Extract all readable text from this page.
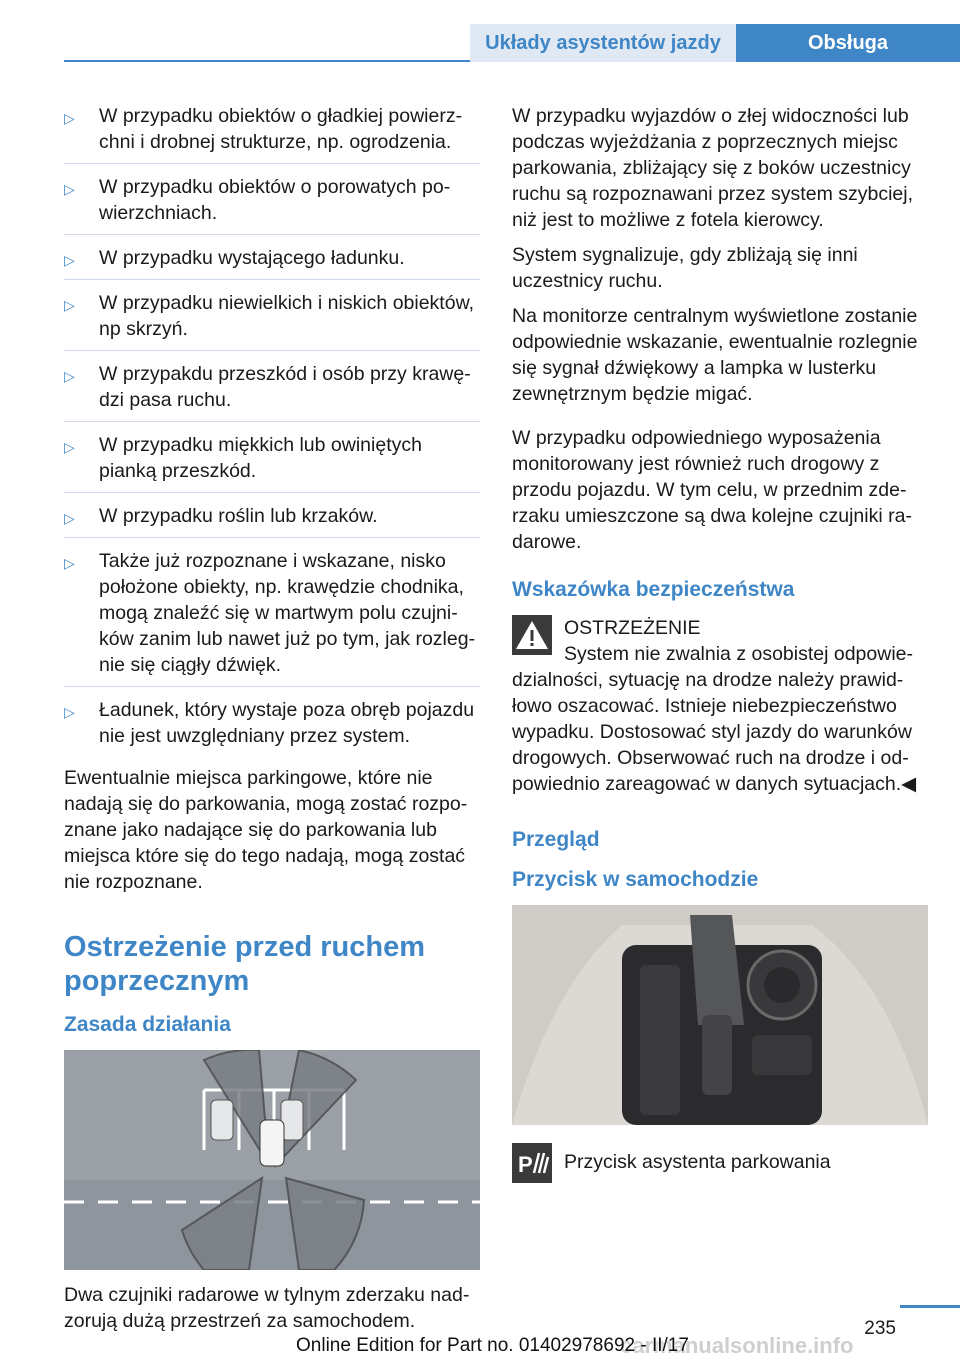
Układy asystentów jazdy	Obsługa
▷ W przypadku obiektów o gładkiej powierzchni i drobnej strukturze, np. ogrodzenia.
▷ W przypadku obiektów o porowatych powierzchniach.
▷ W przypadku wystającego ładunku.
▷ W przypadku niewielkich i niskich obiektów, np skrzyń.
▷ W przypakdu przeszkód i osób przy krawędzi pasa ruchu.
▷ W przypadku miękkich lub owiniętych pianką przeszkód.
▷ W przypadku roślin lub krzaków.
▷ Także już rozpoznane i wskazane, nisko położone obiekty, np. krawędzie chodnika, mogą znaleźć się w martwym polu czujników zanim lub nawet już po tym, jak rozlegnie się ciągły dźwięk.
▷ Ładunek, który wystaje poza obręb pojazdu nie jest uwzględniany przez system.

Ewentualnie miejsca parkingowe, które nie nadają się do parkowania, mogą zostać rozpoznane jako nadające się do parkowania lub miejsca które się do tego nadają, mogą zostać nie rozpoznane.

Ostrzeżenie przed ruchem poprzecznym
Zasada działania

Dwa czujniki radarowe w tylnym zderzaku nadzorują dużą przestrzeń za samochodem.

W przypadku wyjazdów o złej widoczności lub podczas wyjeżdżania z poprzecznych miejsc parkowania, zbliżający się z boków uczestnicy ruchu są rozpoznawani przez system szybciej, niż jest to możliwe z fotela kierowcy.

System sygnalizuje, gdy zbliżają się inni uczestnicy ruchu.

Na monitorze centralnym wyświetlone zostanie odpowiednie wskazanie, ewentualnie rozlegnie się sygnał dźwiękowy a lampka w lusterku zewnętrznym będzie migać.

W przypadku odpowiedniego wyposażenia monitorowany jest również ruch drogowy z przodu pojazdu. W tym celu, w przednim zderzaku umieszczone są dwa kolejne czujniki radarowe.

Wskazówka bezpieczeństwa
OSTRZEŻENIE
System nie zwalnia z osobistej odpowiedzialności, sytuację na drodze należy prawidłowo oszacować. Istnieje niebezpieczeństwo wypadku. Dostosować styl jazdy do warunków drogowych. Obserwować ruch na drodze i odpowiednio zareagować w danych sytuacjach.◀
Przegląd
Przycisk w samochodzie
P Przycisk asystenta parkowania
235
carmanualsonline.info
Online Edition for Part no. 01402978692 - II/17
